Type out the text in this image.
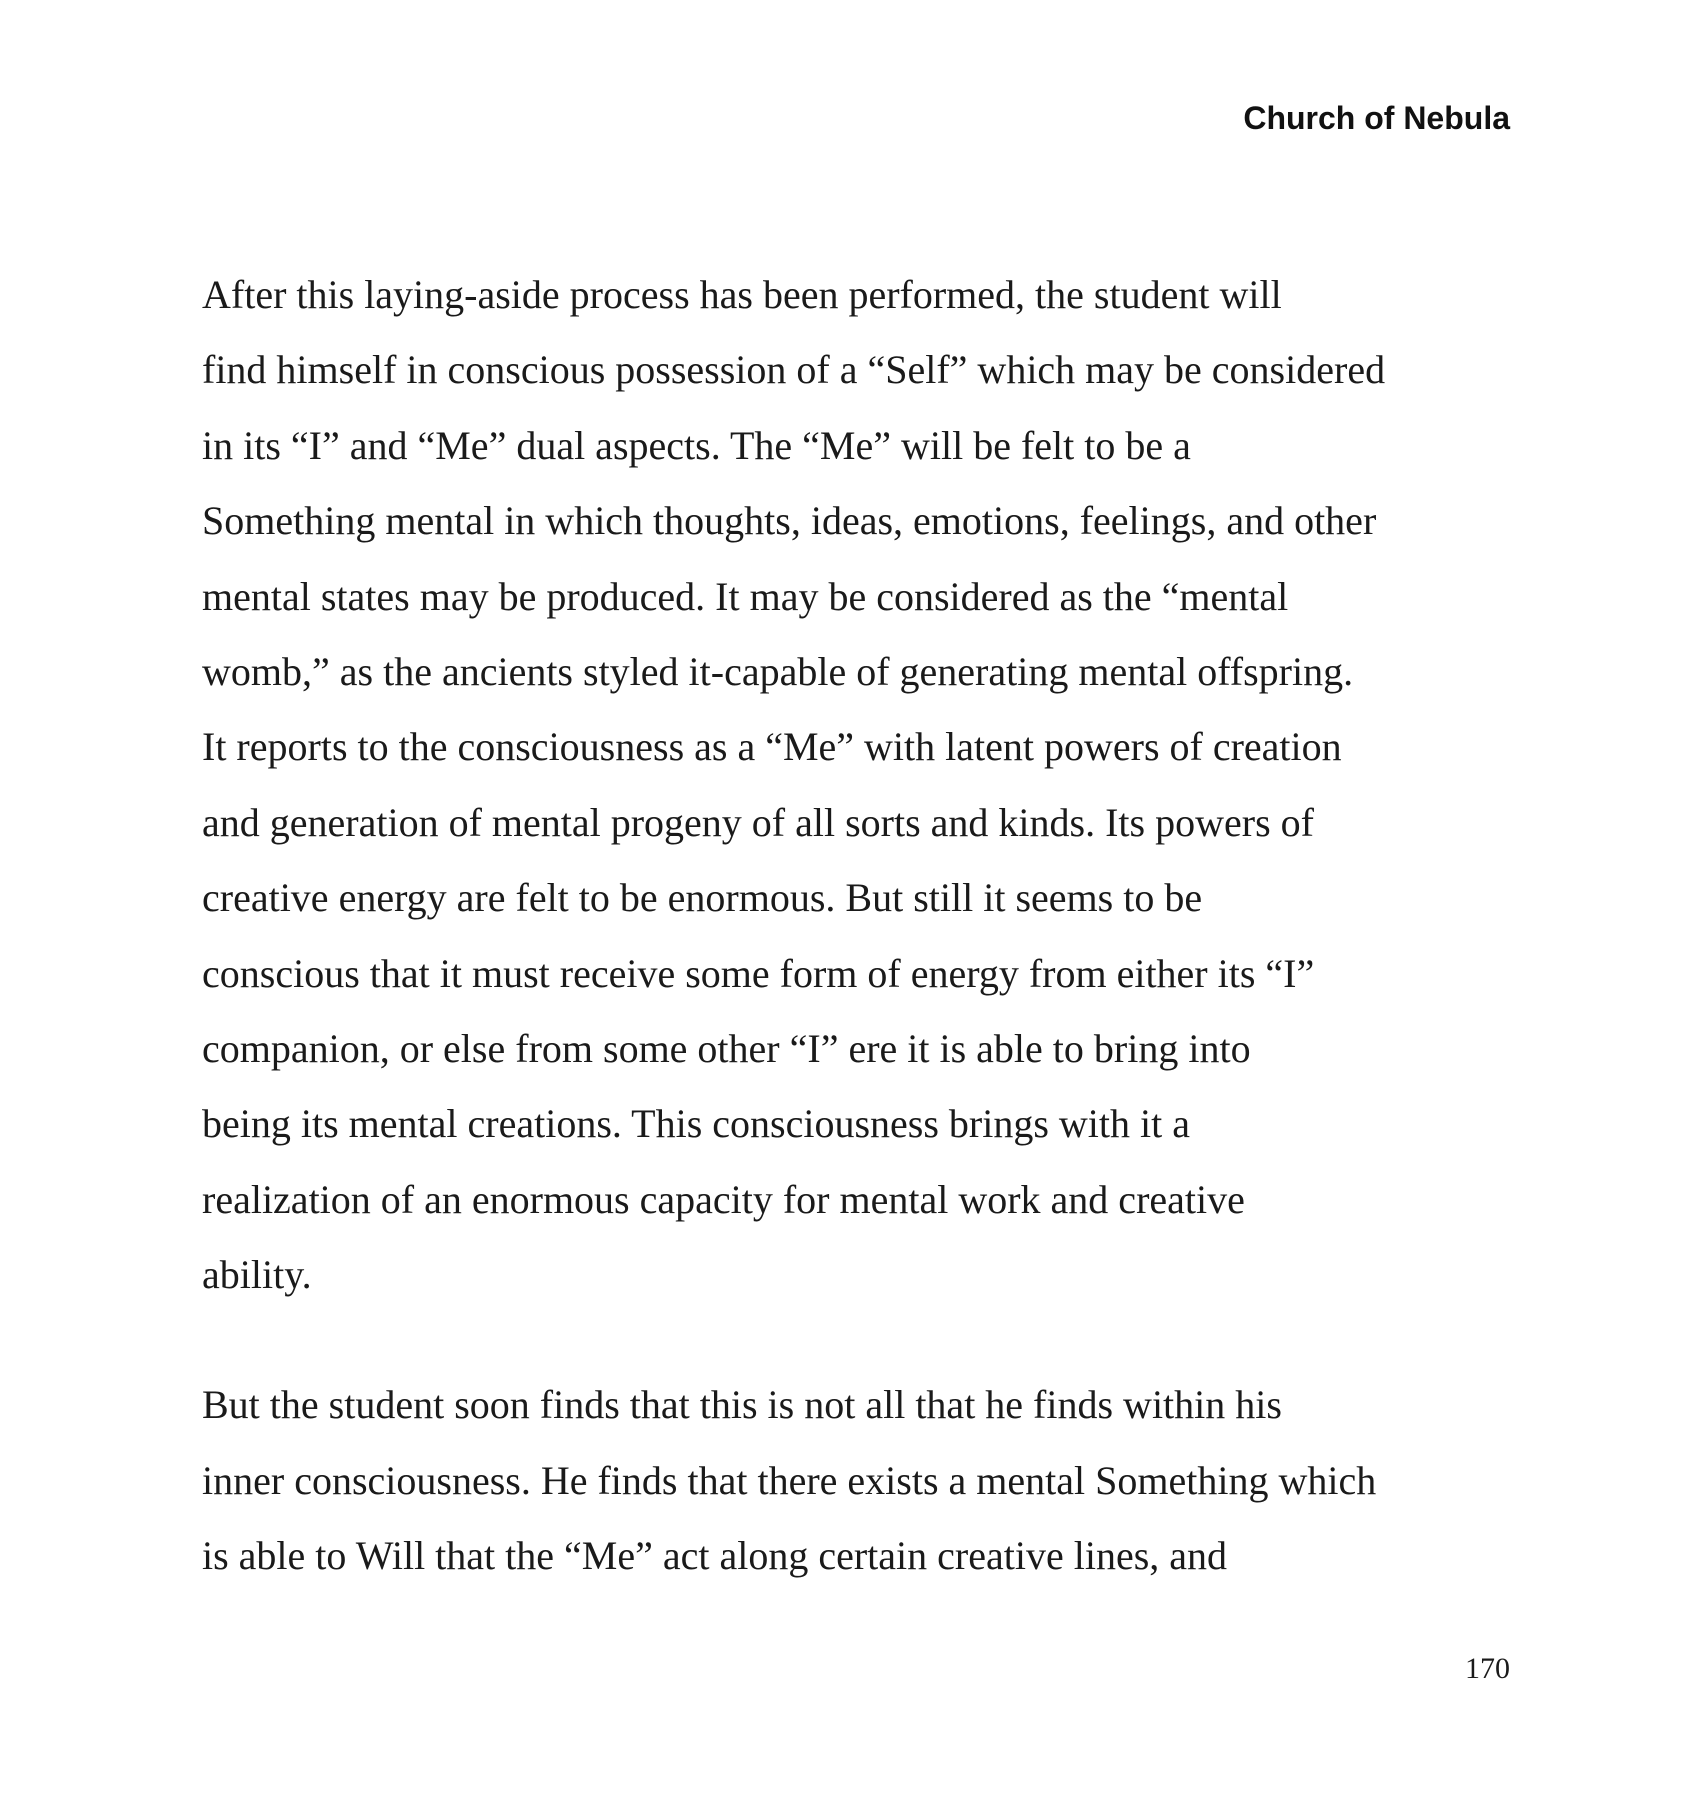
Church of Nebula
After this laying-aside process has been performed, the student will
find himself in conscious possession of a “Self” which may be considered
in its “I” and “Me” dual aspects. The “Me” will be felt to be a
Something mental in which thoughts, ideas, emotions, feelings, and other
mental states may be produced. It may be considered as the “mental
womb,” as the ancients styled it-capable of generating mental offspring.
It reports to the consciousness as a “Me” with latent powers of creation
and generation of mental progeny of all sorts and kinds. Its powers of
creative energy are felt to be enormous. But still it seems to be
conscious that it must receive some form of energy from either its “I”
companion, or else from some other “I” ere it is able to bring into
being its mental creations. This consciousness brings with it a
realization of an enormous capacity for mental work and creative
ability.
But the student soon finds that this is not all that he finds within his
inner consciousness. He finds that there exists a mental Something which
is able to Will that the “Me” act along certain creative lines, and
170
